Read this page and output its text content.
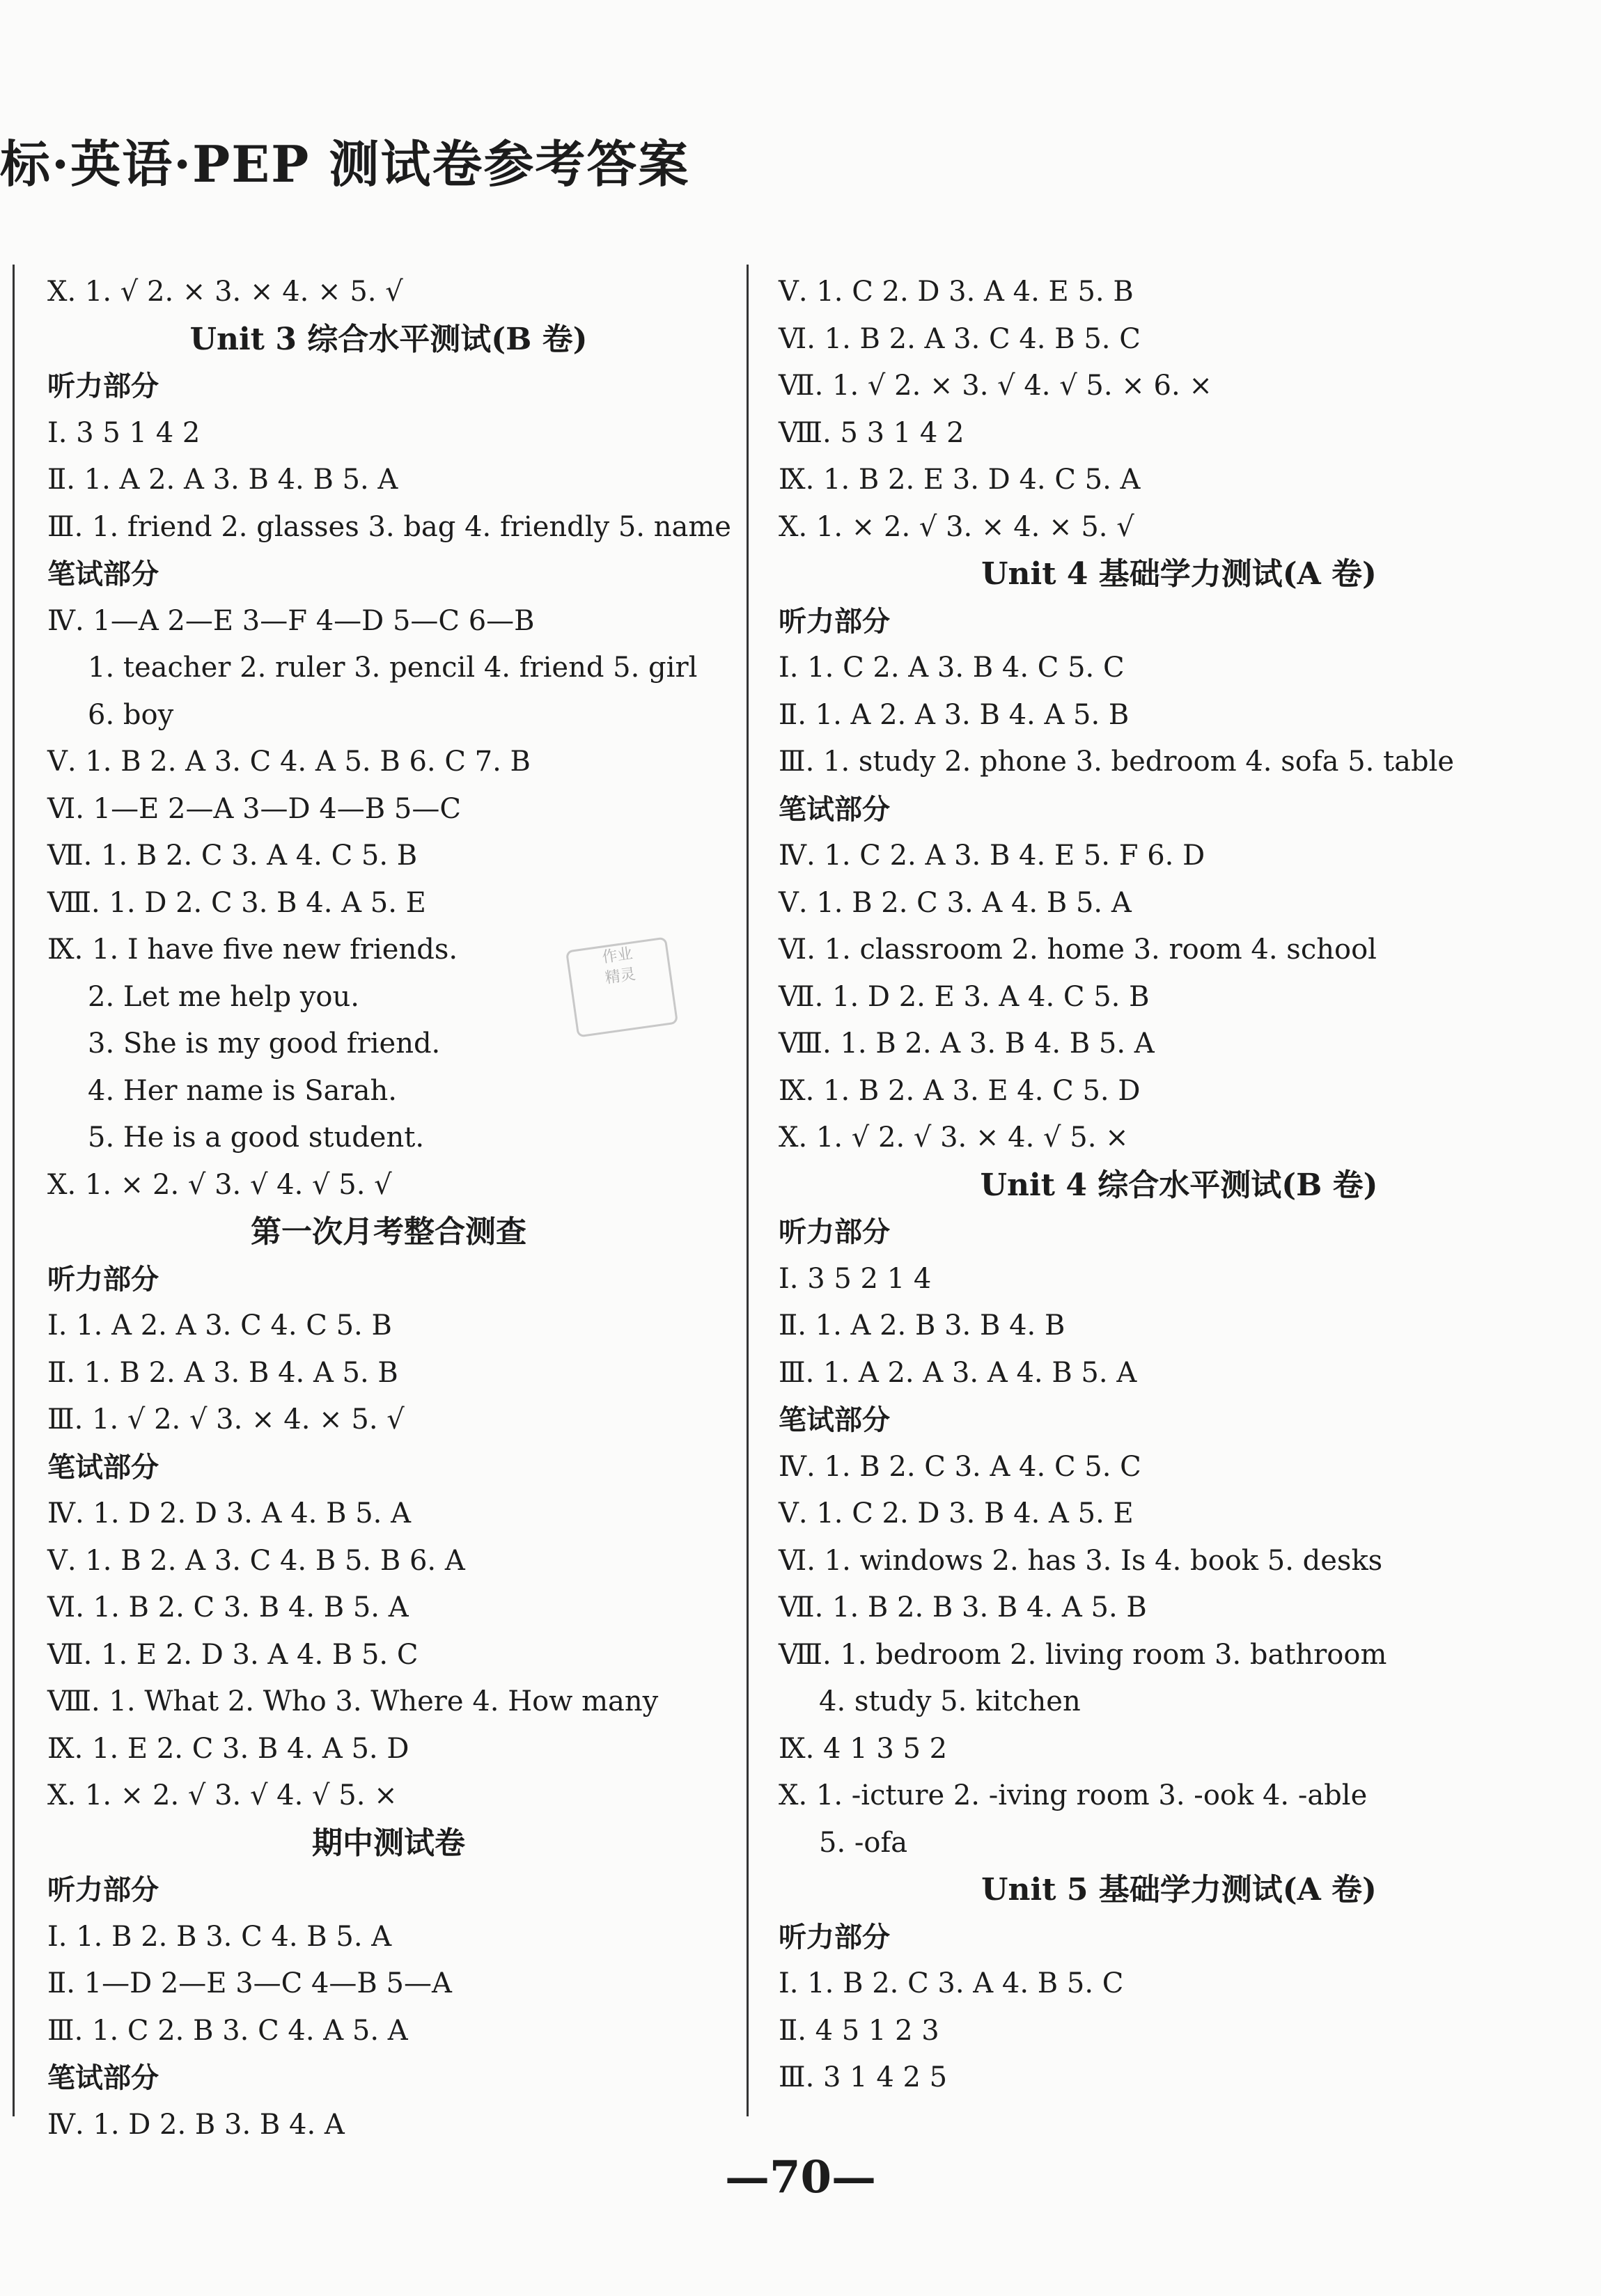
标·英语·PEP 测试卷参考答案
Ⅹ. 1. √ 2. × 3. × 4. × 5. √
Unit 3 综合水平测试(B 卷)
听力部分
Ⅰ. 3 5 1 4 2
Ⅱ. 1. A 2. A 3. B 4. B 5. A
Ⅲ. 1. friend 2. glasses 3. bag 4. friendly 5. name
笔试部分
Ⅳ. 1—A 2—E 3—F 4—D 5—C 6—B
1. teacher 2. ruler 3. pencil 4. friend 5. girl
6. boy
Ⅴ. 1. B 2. A 3. C 4. A 5. B 6. C 7. B
Ⅵ. 1—E 2—A 3—D 4—B 5—C
Ⅶ. 1. B 2. C 3. A 4. C 5. B
Ⅷ. 1. D 2. C 3. B 4. A 5. E
Ⅸ. 1. I have five new friends.
2. Let me help you.
3. She is my good friend.
4. Her name is Sarah.
5. He is a good student.
Ⅹ. 1. × 2. √ 3. √ 4. √ 5. √
第一次月考整合测查
听力部分
Ⅰ. 1. A 2. A 3. C 4. C 5. B
Ⅱ. 1. B 2. A 3. B 4. A 5. B
Ⅲ. 1. √ 2. √ 3. × 4. × 5. √
笔试部分
Ⅳ. 1. D 2. D 3. A 4. B 5. A
Ⅴ. 1. B 2. A 3. C 4. B 5. B 6. A
Ⅵ. 1. B 2. C 3. B 4. B 5. A
Ⅶ. 1. E 2. D 3. A 4. B 5. C
Ⅷ. 1. What 2. Who 3. Where 4. How many
Ⅸ. 1. E 2. C 3. B 4. A 5. D
Ⅹ. 1. × 2. √ 3. √ 4. √ 5. ×
期中测试卷
听力部分
Ⅰ. 1. B 2. B 3. C 4. B 5. A
Ⅱ. 1—D 2—E 3—C 4—B 5—A
Ⅲ. 1. C 2. B 3. C 4. A 5. A
笔试部分
Ⅳ. 1. D 2. B 3. B 4. A
Ⅴ. 1. C 2. D 3. A 4. E 5. B
Ⅵ. 1. B 2. A 3. C 4. B 5. C
Ⅶ. 1. √ 2. × 3. √ 4. √ 5. × 6. ×
Ⅷ. 5 3 1 4 2
Ⅸ. 1. B 2. E 3. D 4. C 5. A
Ⅹ. 1. × 2. √ 3. × 4. × 5. √
Unit 4 基础学力测试(A 卷)
听力部分
Ⅰ. 1. C 2. A 3. B 4. C 5. C
Ⅱ. 1. A 2. A 3. B 4. A 5. B
Ⅲ. 1. study 2. phone 3. bedroom 4. sofa 5. table
笔试部分
Ⅳ. 1. C 2. A 3. B 4. E 5. F 6. D
Ⅴ. 1. B 2. C 3. A 4. B 5. A
Ⅵ. 1. classroom 2. home 3. room 4. school
Ⅶ. 1. D 2. E 3. A 4. C 5. B
Ⅷ. 1. B 2. A 3. B 4. B 5. A
Ⅸ. 1. B 2. A 3. E 4. C 5. D
Ⅹ. 1. √ 2. √ 3. × 4. √ 5. ×
Unit 4 综合水平测试(B 卷)
听力部分
Ⅰ. 3 5 2 1 4
Ⅱ. 1. A 2. B 3. B 4. B
Ⅲ. 1. A 2. A 3. A 4. B 5. A
笔试部分
Ⅳ. 1. B 2. C 3. A 4. C 5. C
Ⅴ. 1. C 2. D 3. B 4. A 5. E
Ⅵ. 1. windows 2. has 3. Is 4. book 5. desks
Ⅶ. 1. B 2. B 3. B 4. A 5. B
Ⅷ. 1. bedroom 2. living room 3. bathroom
4. study 5. kitchen
Ⅸ. 4 1 3 5 2
Ⅹ. 1. -icture 2. -iving room 3. -ook 4. -able
5. -ofa
Unit 5 基础学力测试(A 卷)
听力部分
Ⅰ. 1. B 2. C 3. A 4. B 5. C
Ⅱ. 4 5 1 2 3
Ⅲ. 3 1 4 2 5
作业
精灵
—70—
